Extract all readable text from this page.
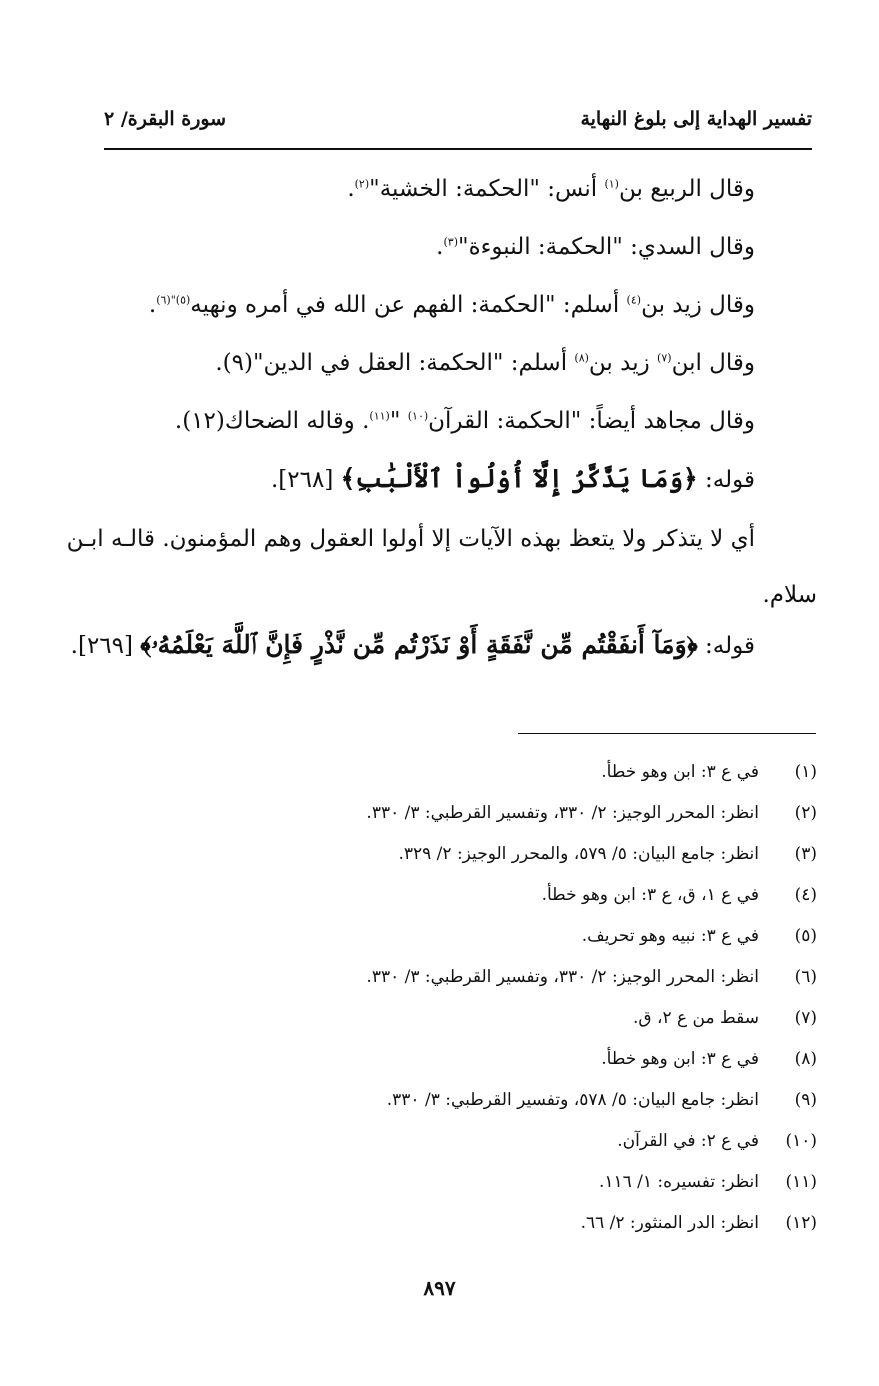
تفسير الهداية إلى بلوغ النهاية
سورة البقرة/ ٢
وقال الربيع بن$^{(١)}$ أنس: "الحكمة: الخشية"$^{(٢)}$.
وقال السدي: "الحكمة: النبوءة"$^{(٣)}$.
وقال زيد بن$^{(٤)}$ أسلم: "الحكمة: الفهم عن الله في أمره ونهيه$^{(٥)"(٦)}$.
وقال ابن$^{(٧)}$ زيد بن$^{(٨)}$ أسلم: "الحكمة: العقل في الدين"(٩).
وقال مجاهد أيضاً: "الحكمة: القرآن$^{(١٠)}$ "$^{(١١)}$. وقاله الضحاك(١٢).
قوله: ﴿وَمَا يَذَّكَّرُ إِلَّآ أُوْلُواْ ٱلْأَلْبَٰبِ﴾ [٢٦٨].
أي لا يتذكر ولا يتعظ بهذه الآيات إلا أولوا العقول وهم المؤمنون. قالـه ابـن
سلام.
قوله: ﴿وَمَآ أَنفَقْتُم مِّن نَّفَقَةٍ أَوْ نَذَرْتُم مِّن نَّذْرٍ فَإِنَّ ٱللَّهَ يَعْلَمُهُۥ﴾ [٢٦٩].
(١)في ع ٣: ابن وهو خطأ.
(٢)انظر: المحرر الوجيز: ٢/ ٣٣٠، وتفسير القرطبي: ٣/ ٣٣٠.
(٣)انظر: جامع البيان: ٥/ ٥٧٩، والمحرر الوجيز: ٢/ ٣٢٩.
(٤)في ع ١، ق، ع ٣: ابن وهو خطأ.
(٥)في ع ٣: نبيه وهو تحريف.
(٦)انظر: المحرر الوجيز: ٢/ ٣٣٠، وتفسير القرطبي: ٣/ ٣٣٠.
(٧)سقط من ع ٢، ق.
(٨)في ع ٣: ابن وهو خطأ.
(٩)انظر: جامع البيان: ٥/ ٥٧٨، وتفسير القرطبي: ٣/ ٣٣٠.
(١٠)في ع ٢: في القرآن.
(١١)انظر: تفسيره: ١/ ١١٦.
(١٢)انظر: الدر المنثور: ٢/ ٦٦.
٨٩٧
